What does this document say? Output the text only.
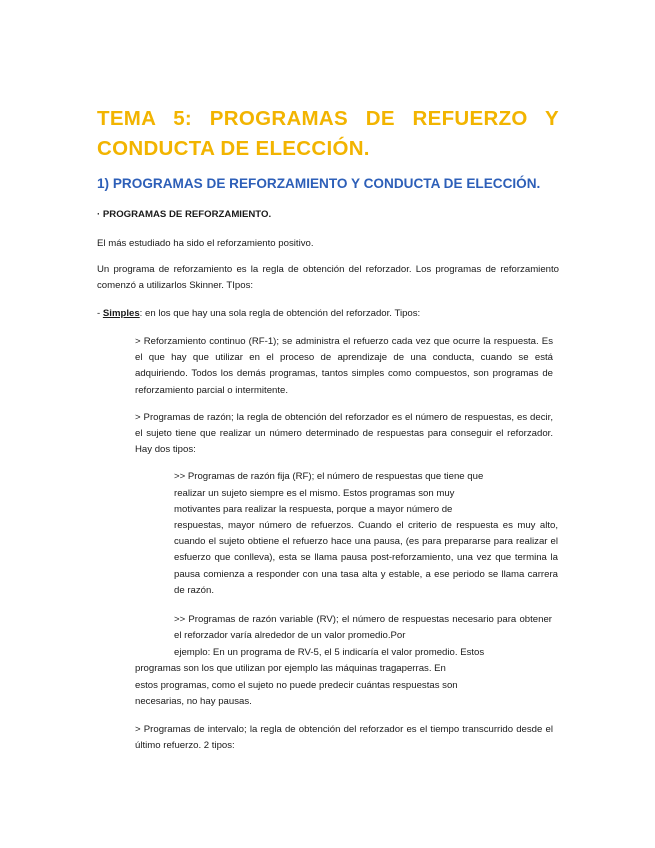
TEMA 5: PROGRAMAS DE REFUERZO Y CONDUCTA DE ELECCIÓN.
1) PROGRAMAS DE REFORZAMIENTO Y CONDUCTA DE ELECCIÓN.
· PROGRAMAS DE REFORZAMIENTO.
El más estudiado ha sido el reforzamiento positivo.
Un programa de reforzamiento es la regla de obtención del reforzador. Los programas de reforzamiento comenzó a utilizarlos Skinner. TIpos:
- Simples: en los que hay una sola regla de obtención del reforzador. Tipos:
> Reforzamiento continuo (RF-1); se administra el refuerzo cada vez que ocurre la respuesta. Es el que hay que utilizar en el proceso de aprendizaje de una conducta, cuando se está adquiriendo. Todos los demás programas, tantos simples como compuestos, son programas de reforzamiento parcial o intermitente.
> Programas de razón; la regla de obtención del reforzador es el número de respuestas, es decir, el sujeto tiene que realizar un número determinado de respuestas para conseguir el reforzador. Hay dos tipos:
>> Programas de razón fija (RF); el número de respuestas que tiene que
realizar un sujeto siempre es el mismo. Estos programas son muy
motivantes para realizar la respuesta, porque a mayor número de
respuestas, mayor número de refuerzos. Cuando el criterio de respuesta es muy alto, cuando el sujeto obtiene el refuerzo hace una pausa, (es para prepararse para realizar el esfuerzo que conlleva), esta se llama pausa post-reforzamiento, una vez que termina la pausa comienza a responder con una tasa alta y estable, a ese periodo se llama carrera de razón.
>> Programas de razón variable (RV); el número de respuestas necesario para obtener el reforzador varía alrededor de un valor promedio.Por
ejemplo: En un programa de RV-5, el 5 indicaría el valor promedio. Estos
programas son los que utilizan por ejemplo las máquinas tragaperras. En
estos programas, como el sujeto no puede predecir cuántas respuestas son
necesarias, no hay pausas.
> Programas de intervalo; la regla de obtención del reforzador es el tiempo transcurrido desde el último refuerzo. 2 tipos:
